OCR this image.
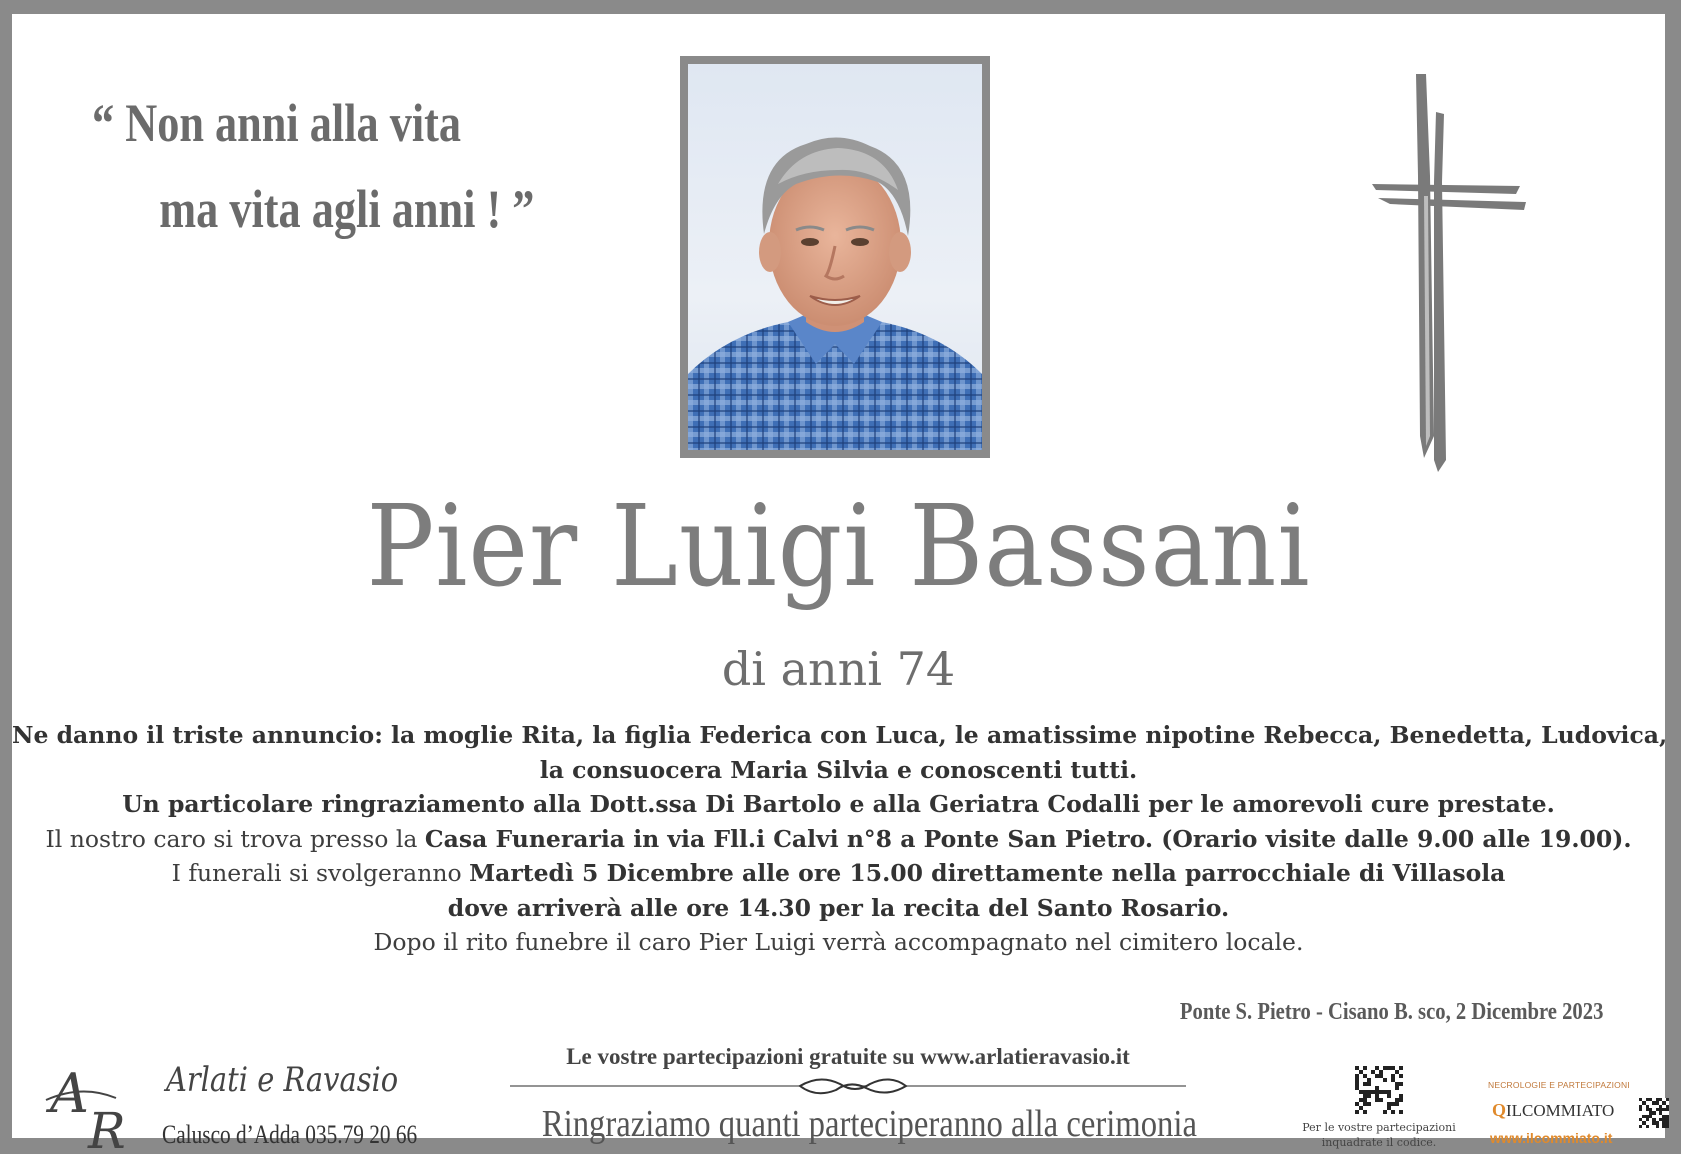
“ Non anni alla vita
ma vita agli anni ! ”
Pier Luigi Bassani
di anni 74
Ne danno il triste annuncio: la moglie Rita, la figlia Federica con Luca, le amatissime nipotine Rebecca, Benedetta, Ludovica,
la consuocera Maria Silvia e conoscenti tutti.
Un particolare ringraziamento alla Dott.ssa Di Bartolo e alla Geriatra Codalli per le amorevoli cure prestate.
Il nostro caro si trova presso la Casa Funeraria in via Fll.i Calvi n°8 a Ponte San Pietro. (Orario visite dalle 9.00 alle 19.00).
I funerali si svolgeranno Martedì 5 Dicembre alle ore 15.00 direttamente nella parrocchiale di Villasola
dove arriverà alle ore 14.30 per la recita del Santo Rosario.
Dopo il rito funebre il caro Pier Luigi verrà accompagnato nel cimitero locale.
Ponte S. Pietro - Cisano B. sco, 2 Dicembre 2023
A
R
Arlati e Ravasio
Calusco d’Adda 035.79 20 66
Le vostre partecipazioni gratuite su www.arlatieravasio.it
Ringraziamo quanti parteciperanno alla cerimonia	Per le vostre partecipazioni inquadrate il codice.
NECROLOGIE E PARTECIPAZIONI
QILCOMMIATO
www.ilcommiato.it
